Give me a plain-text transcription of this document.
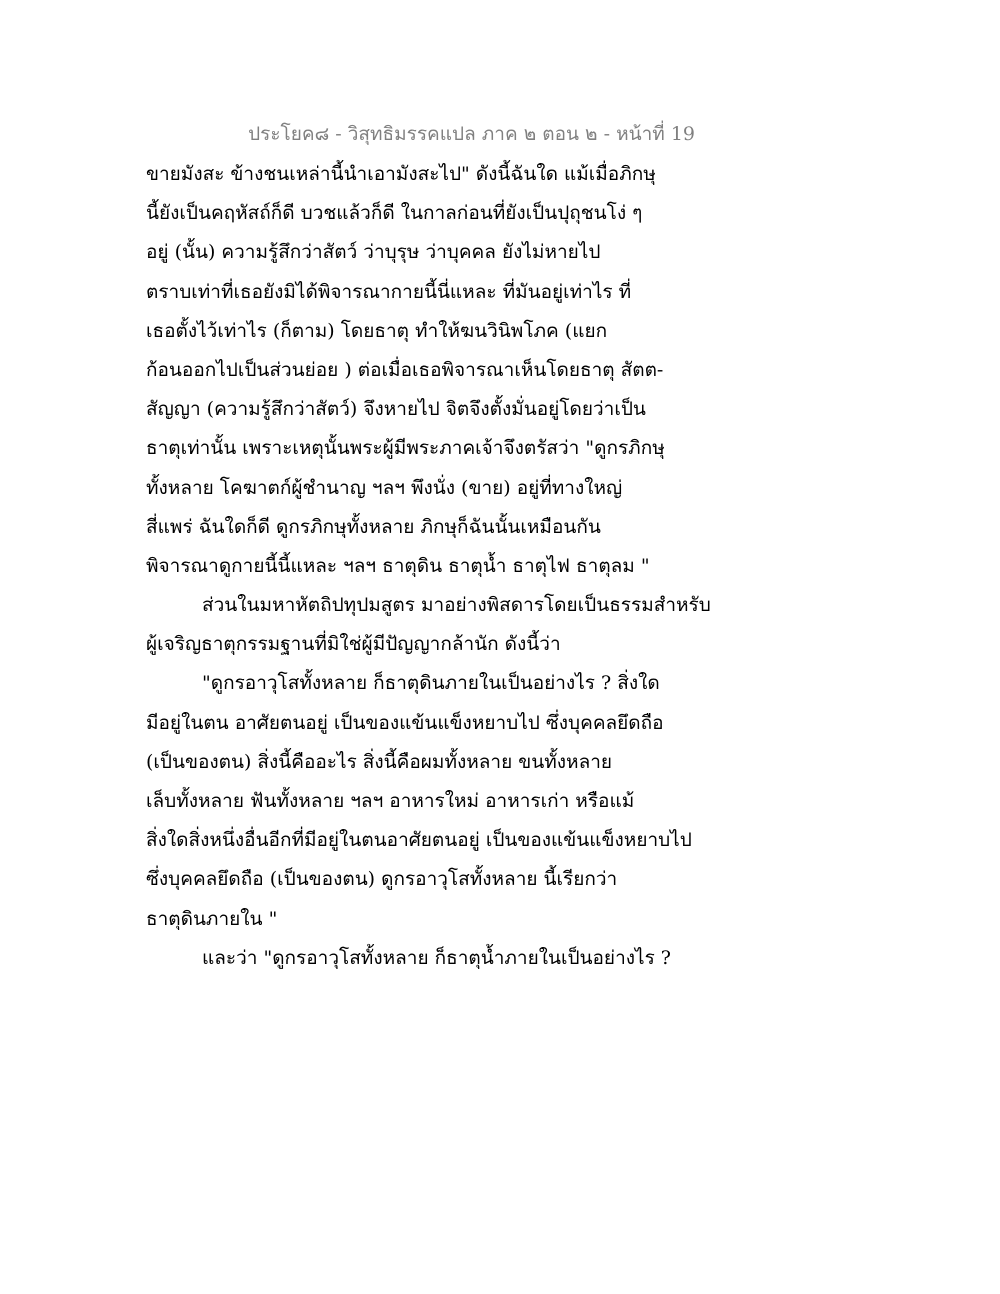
ประโยค๘ - วิสุทธิมรรคแปล ภาค ๒ ตอน ๒ - หน้าที่ 19
ขายมังสะ ข้างชนเหล่านี้นำเอามังสะไป" ดังนี้ฉันใด แม้เมื่อภิกษุ
นี้ยังเป็นคฤหัสถ์ก็ดี บวชแล้วก็ดี ในกาลก่อนที่ยังเป็นปุถุชนโง่ ๆ
อยู่ (นั้น) ความรู้สึกว่าสัตว์ ว่าบุรุษ ว่าบุคคล ยังไม่หายไป
ตราบเท่าที่เธอยังมิได้พิจารณากายนี้นี่แหละ ที่มันอยู่เท่าไร ที่
เธอตั้งไว้เท่าไร (ก็ตาม) โดยธาตุ ทำให้ฆนวินิพโภค (แยก
ก้อนออกไปเป็นส่วนย่อย ) ต่อเมื่อเธอพิจารณาเห็นโดยธาตุ สัตต-
สัญญา (ความรู้สึกว่าสัตว์) จึงหายไป จิตจึงตั้งมั่นอยู่โดยว่าเป็น
ธาตุเท่านั้น เพราะเหตุนั้นพระผู้มีพระภาคเจ้าจึงตรัสว่า "ดูกรภิกษุ
ทั้งหลาย โคฆาตก์ผู้ชำนาญ ฯลฯ พึงนั่ง (ขาย) อยู่ที่ทางใหญ่
สี่แพร่ ฉันใดก็ดี ดูกรภิกษุทั้งหลาย ภิกษุก็ฉันนั้นเหมือนกัน
พิจารณาดูกายนี้นี้แหละ ฯลฯ ธาตุดิน ธาตุน้ำ ธาตุไฟ ธาตุลม "
ส่วนในมหาหัตถิปทุปมสูตร มาอย่างพิสดารโดยเป็นธรรมสำหรับ
ผู้เจริญธาตุกรรมฐานที่มิใช่ผู้มีปัญญากล้านัก ดังนี้ว่า
"ดูกรอาวุโสทั้งหลาย ก็ธาตุดินภายในเป็นอย่างไร ? สิ่งใด
มีอยู่ในตน อาศัยตนอยู่ เป็นของแข้นแข็งหยาบไป ซึ่งบุคคลยึดถือ
(เป็นของตน) สิ่งนี้คืออะไร สิ่งนี้คือผมทั้งหลาย ขนทั้งหลาย
เล็บทั้งหลาย ฟันทั้งหลาย ฯลฯ อาหารใหม่ อาหารเก่า หรือแม้
สิ่งใดสิ่งหนึ่งอื่นอีกที่มีอยู่ในตนอาศัยตนอยู่ เป็นของแข้นแข็งหยาบไป
ซึ่งบุคคลยึดถือ (เป็นของตน) ดูกรอาวุโสทั้งหลาย นี้เรียกว่า
ธาตุดินภายใน "
และว่า "ดูกรอาวุโสทั้งหลาย ก็ธาตุน้ำภายในเป็นอย่างไร ?
